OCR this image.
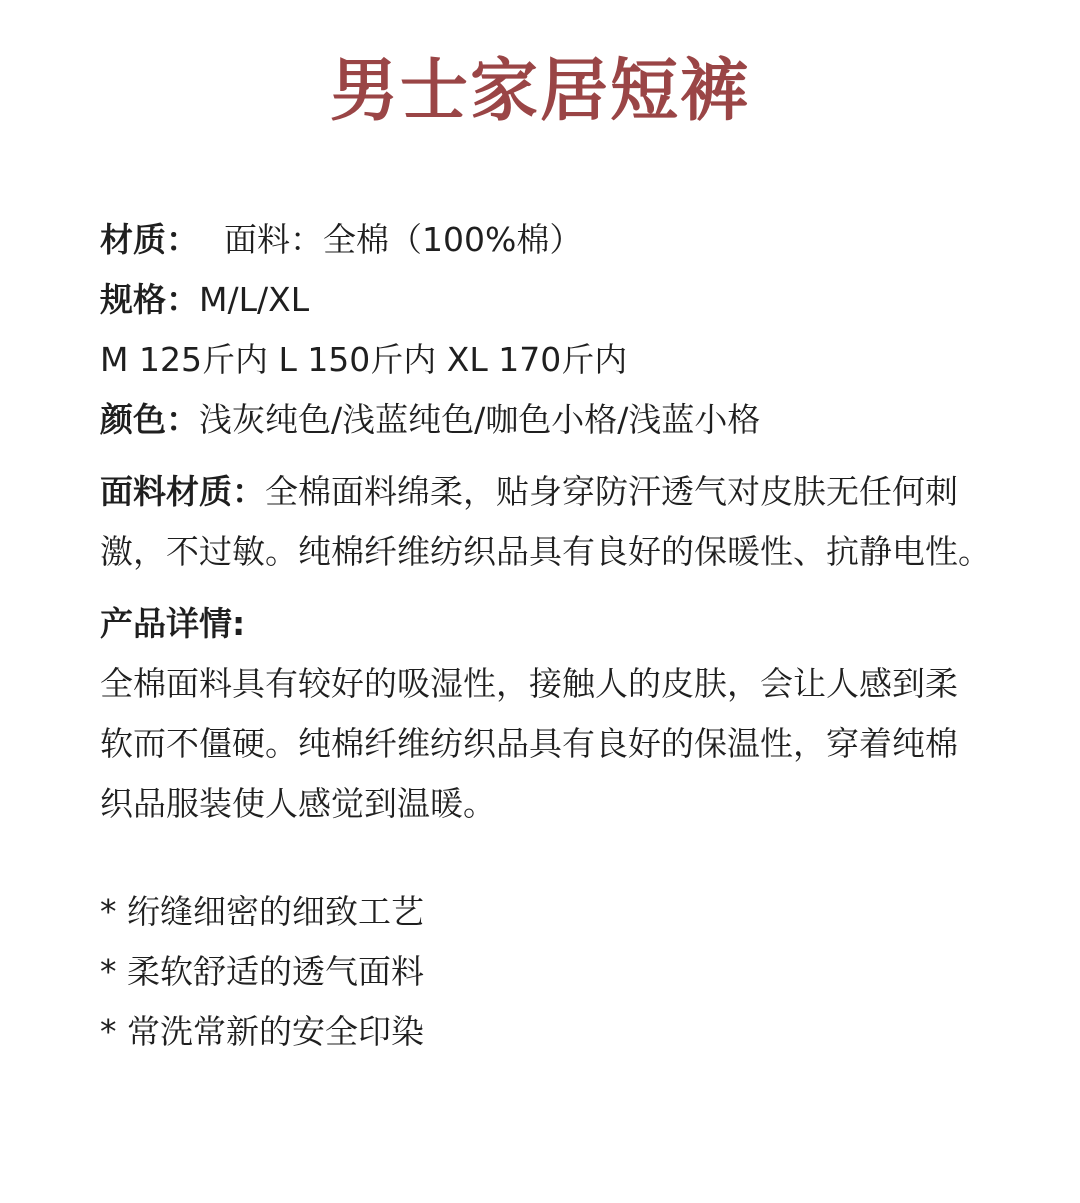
男士家居短裤
材质： 面料：全棉（100%棉）
规格：M/L/XL
M 125斤内 L 150斤内 XL 170斤内
颜色：浅灰纯色/浅蓝纯色/咖色小格/浅蓝小格
面料材质：全棉面料绵柔，贴身穿防汗透气对皮肤无任何刺
激，不过敏。纯棉纤维纺织品具有良好的保暖性、抗静电性。
产品详情:
全棉面料具有较好的吸湿性，接触人的皮肤，会让人感到柔
软而不僵硬。纯棉纤维纺织品具有良好的保温性，穿着纯棉
织品服装使人感觉到温暖。
* 绗缝细密的细致工艺
* 柔软舒适的透气面料
* 常洗常新的安全印染
